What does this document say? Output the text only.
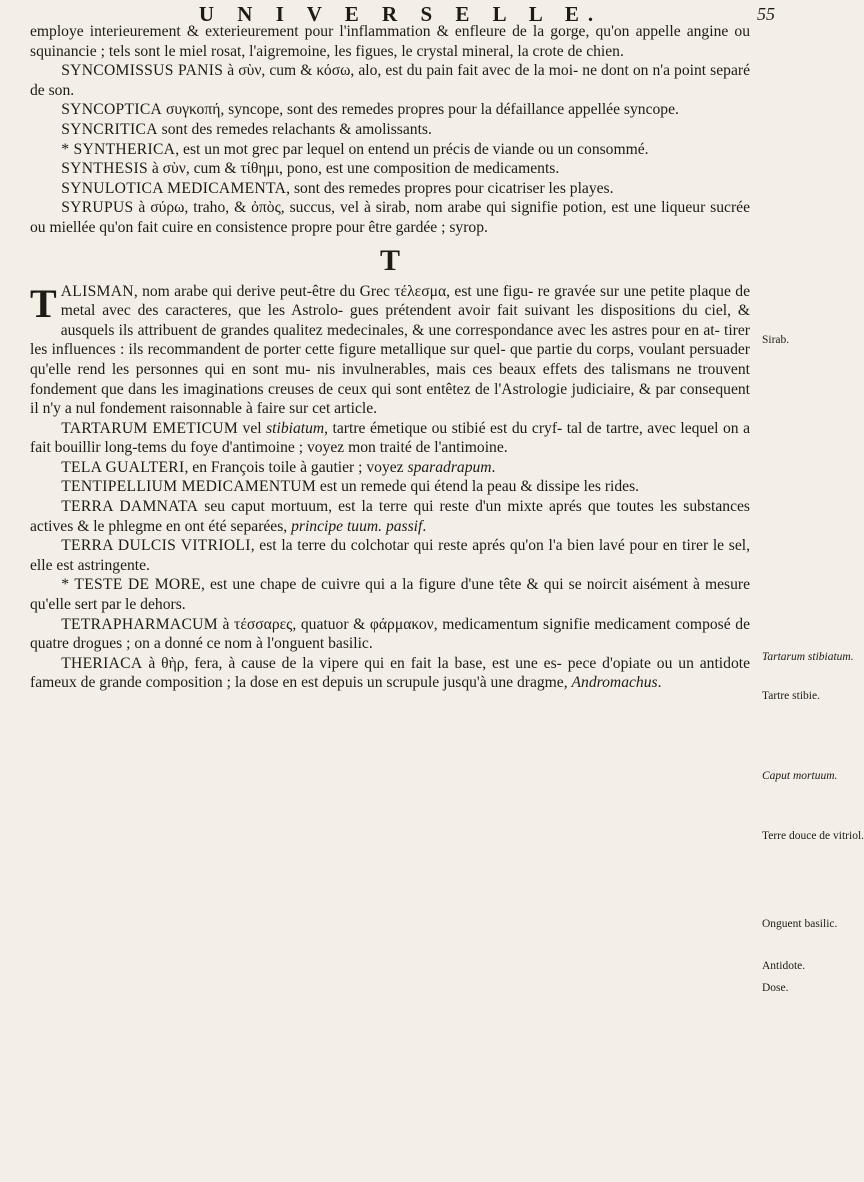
U N I V E R S E L L E.	55

employe interieurement & exterieurement pour l'inflammation & enfleure de la gorge, qu'on appelle angine ou squinancie ; tels sont le miel rosat, l'aigremoine, les figues, le crystal mineral, la crote de chien.

SYNCOMISSUS PANIS à σὺν, cum & κόσω, alo, est du pain fait avec de la moi- ne dont on n'a point separé de son.

SYNCOPTICA συγκοπή, syncope, sont des remedes propres pour la défaillance appellée syncope.

SYNCRITICA sont des remedes relachants & amolissants.

* SYNTHERICA, est un mot grec par lequel on entend un précis de viande ou un consommé.

SYNTHESIS à σὺν, cum & τίθημι, pono, est une composition de medicaments.

SYNULOTICA MEDICAMENTA, sont des remedes propres pour cicatriser les playes.

SYRUPUS à σύρω, traho, & ὀπὸς, succus, vel à sirab, nom arabe qui signifie potion, est une liqueur sucrée ou miellée qu'on fait cuire en consistence propre pour être gardée ; syrop.

T

TALISMAN, nom arabe qui derive peut-être du Grec τέλεσμα, est une figu- re gravée sur une petite plaque de metal avec des caracteres, que les Astrolo- gues prétendent avoir fait suivant les dispositions du ciel, & ausquels ils attribuent de grandes qualitez medecinales, & une correspondance avec les astres pour en at- tirer les influences : ils recommandent de porter cette figure metallique sur quel- que partie du corps, voulant persuader qu'elle rend les personnes qui en sont mu- nis invulnerables, mais ces beaux effets des talismans ne trouvent fondement que dans les imaginations creuses de ceux qui sont entêtez de l'Astrologie judiciaire, & par consequent il n'y a nul fondement raisonnable à faire sur cet article.

TARTARUM EMETICUM vel stibiatum, tartre émetique ou stibié est du cryf- tal de tartre, avec lequel on a fait bouillir long-tems du foye d'antimoine ; voyez mon traité de l'antimoine.

TELA GUALTERI, en François toile à gautier ; voyez sparadrapum.

TENTIPELLIUM MEDICAMENTUM est un remede qui étend la peau & dissipe les rides.

TERRA DAMNATA seu caput mortuum, est la terre qui reste d'un mixte aprés que toutes les substances actives & le phlegme en ont été separées, principe tuum. passif.

TERRA DULCIS VITRIOLI, est la terre du colchotar qui reste aprés qu'on l'a bien lavé pour en tirer le sel, elle est astringente.

* TESTE DE MORE, est une chape de cuivre qui a la figure d'une tête & qui se noircit aisément à mesure qu'elle sert par le dehors.

TETRAPHARMACUM à τέσσαρες, quatuor & φάρμακον, medicamentum signifie medicament composé de quatre drogues ; on a donné ce nom à l'onguent basilic.

THERIACA à θὴρ, fera, à cause de la vipere qui en fait la base, est une es- pece d'opiate ou un antidote fameux de grande composition ; la dose en est depuis un scrupule jusqu'à une dragme, Andromachus.

Sirab.
Tartarum stibiatum.
Tartre stibie.
Caput mortuum.
Terre douce de vitriol.
Onguent basilic.
Antidote.
Dose.
